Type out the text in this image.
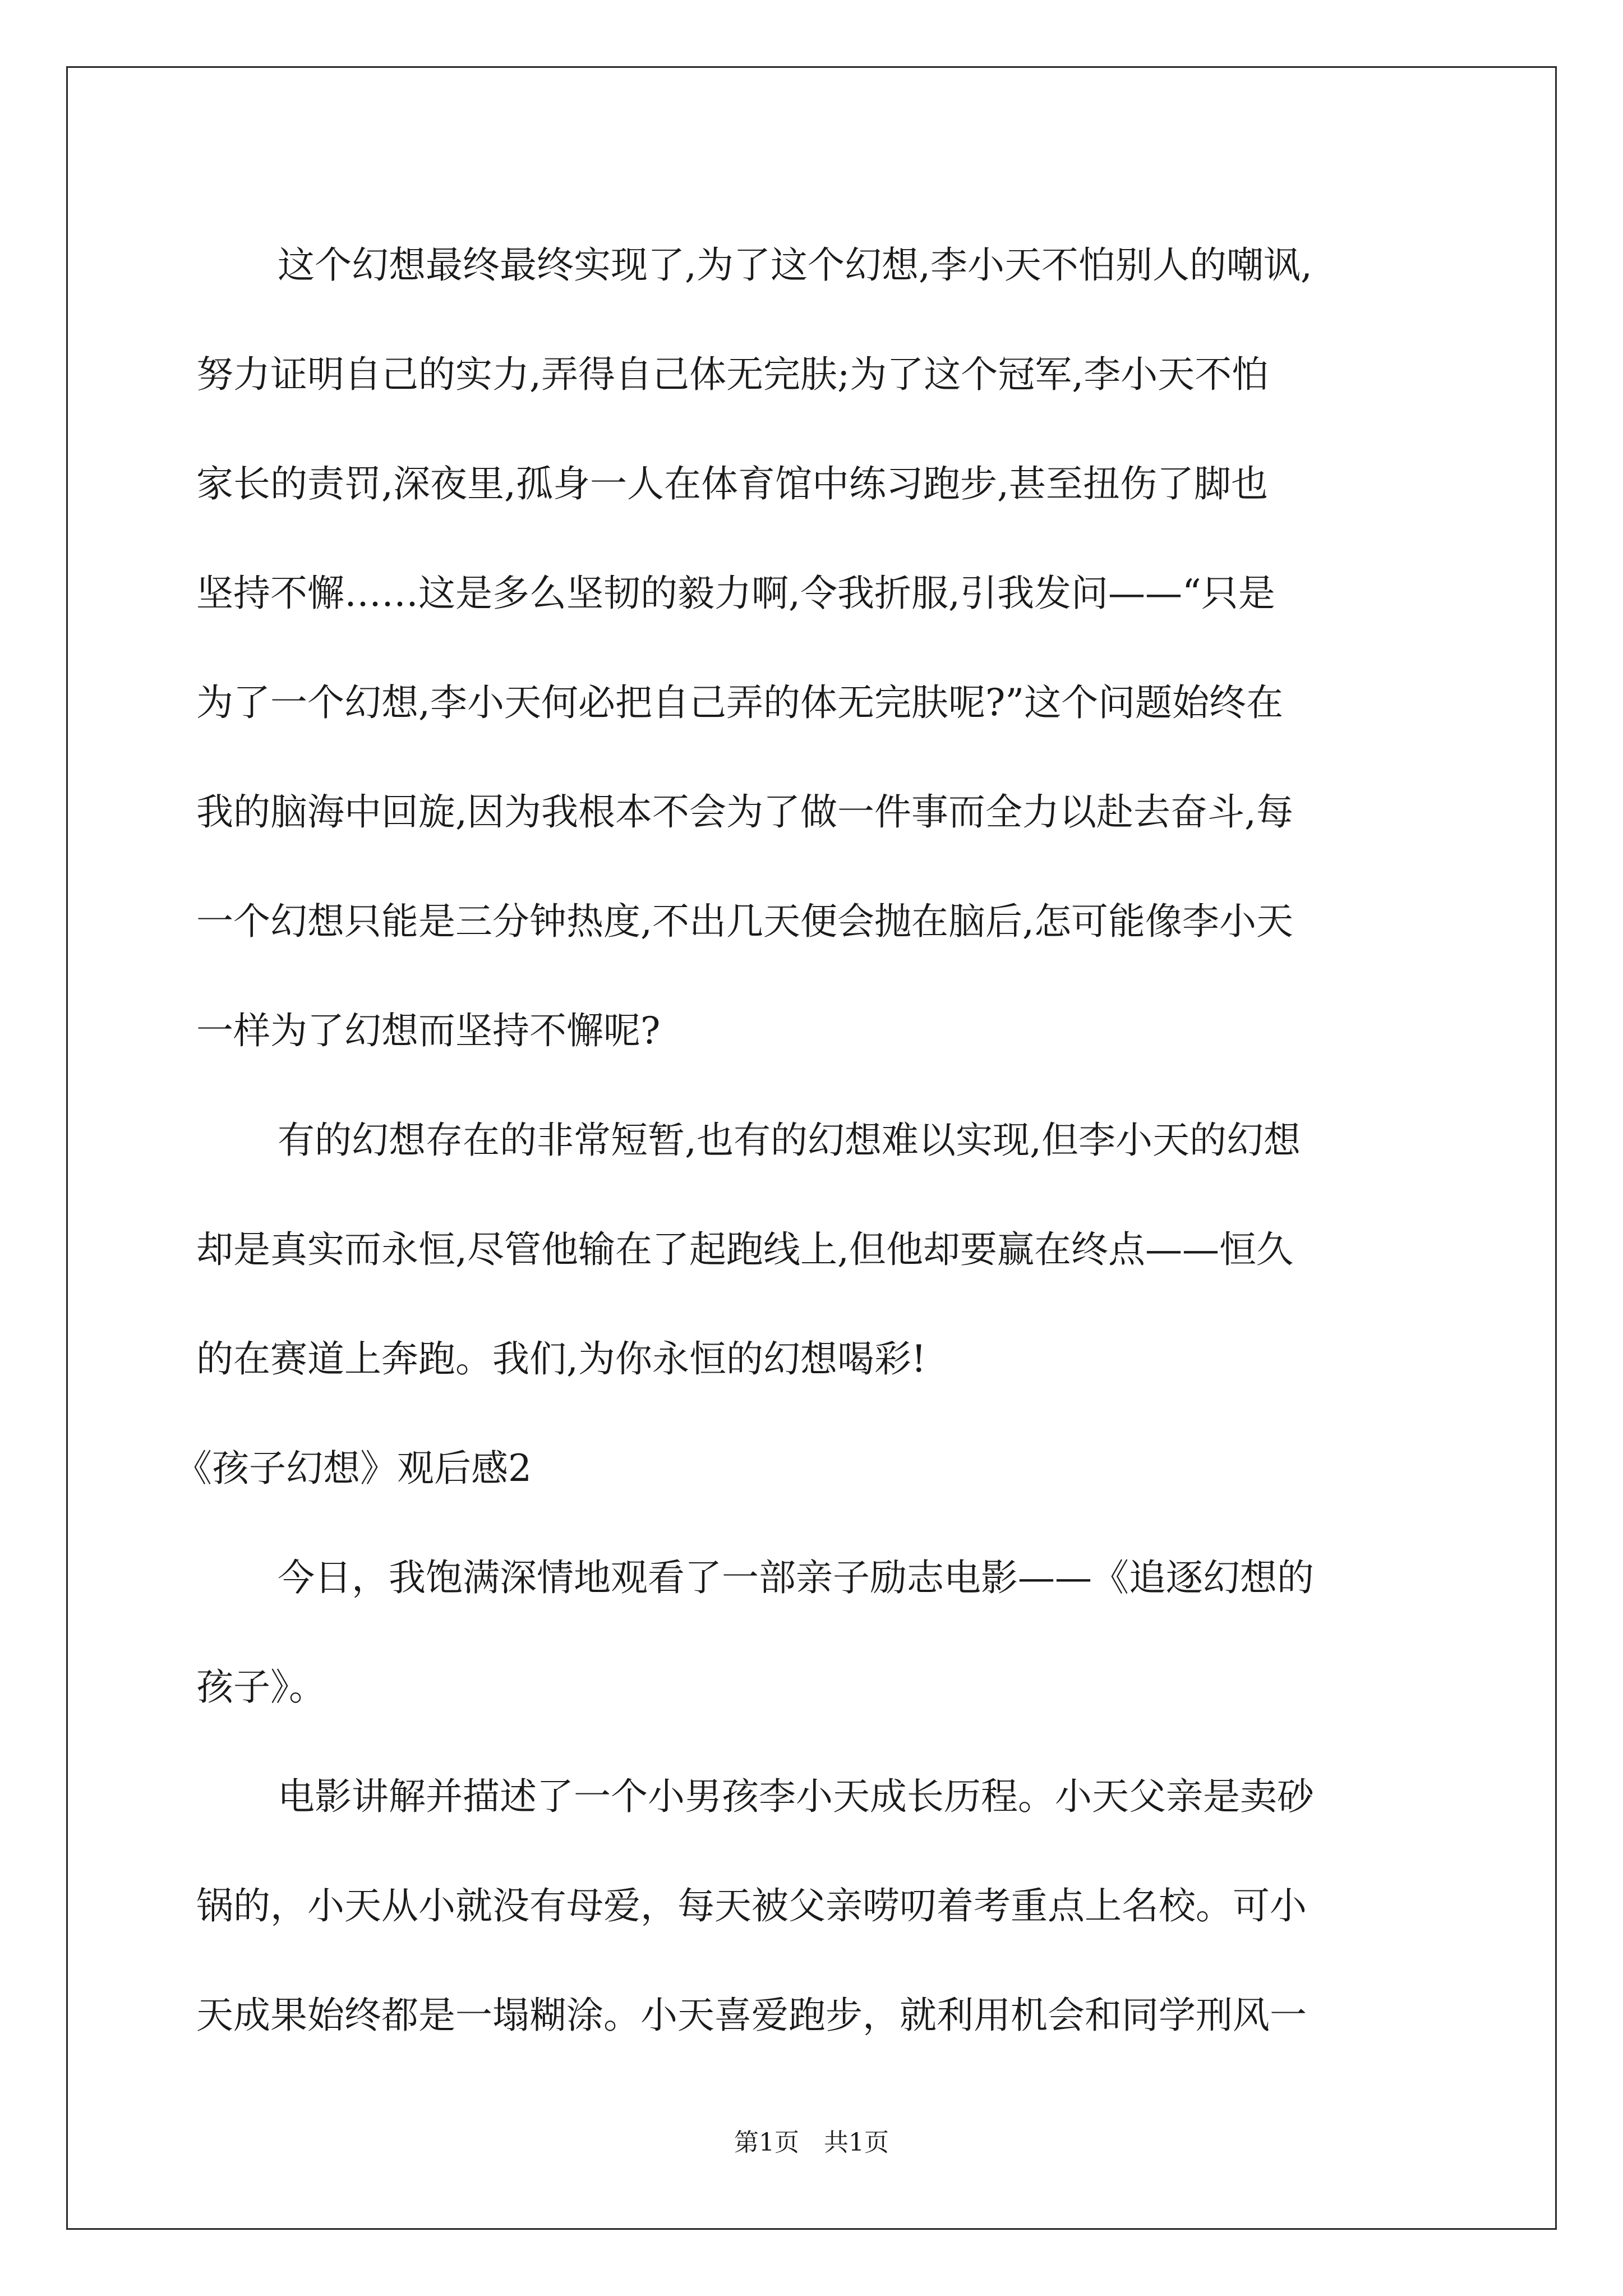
这个幻想最终最终实现了,为了这个幻想,李小天不怕别人的嘲讽,
努力证明自己的实力,弄得自己体无完肤;为了这个冠军,李小天不怕
家长的责罚,深夜里,孤身一人在体育馆中练习跑步,甚至扭伤了脚也
坚持不懈……这是多么坚韧的毅力啊,令我折服,引我发问——“只是
为了一个幻想,李小天何必把自己弄的体无完肤呢?”这个问题始终在
我的脑海中回旋,因为我根本不会为了做一件事而全力以赴去奋斗,每
一个幻想只能是三分钟热度,不出几天便会抛在脑后,怎可能像李小天
一样为了幻想而坚持不懈呢?
有的幻想存在的非常短暂,也有的幻想难以实现,但李小天的幻想
却是真实而永恒,尽管他输在了起跑线上,但他却要赢在终点——恒久
的在赛道上奔跑。我们,为你永恒的幻想喝彩!
《孩子幻想》观后感2
今日，我饱满深情地观看了一部亲子励志电影——《追逐幻想的
孩子》。
电影讲解并描述了一个小男孩李小天成长历程。小天父亲是卖砂
锅的，小天从小就没有母爱，每天被父亲唠叨着考重点上名校。可小
天成果始终都是一塌糊涂。小天喜爱跑步，就利用机会和同学刑风一
第1页 共1页
